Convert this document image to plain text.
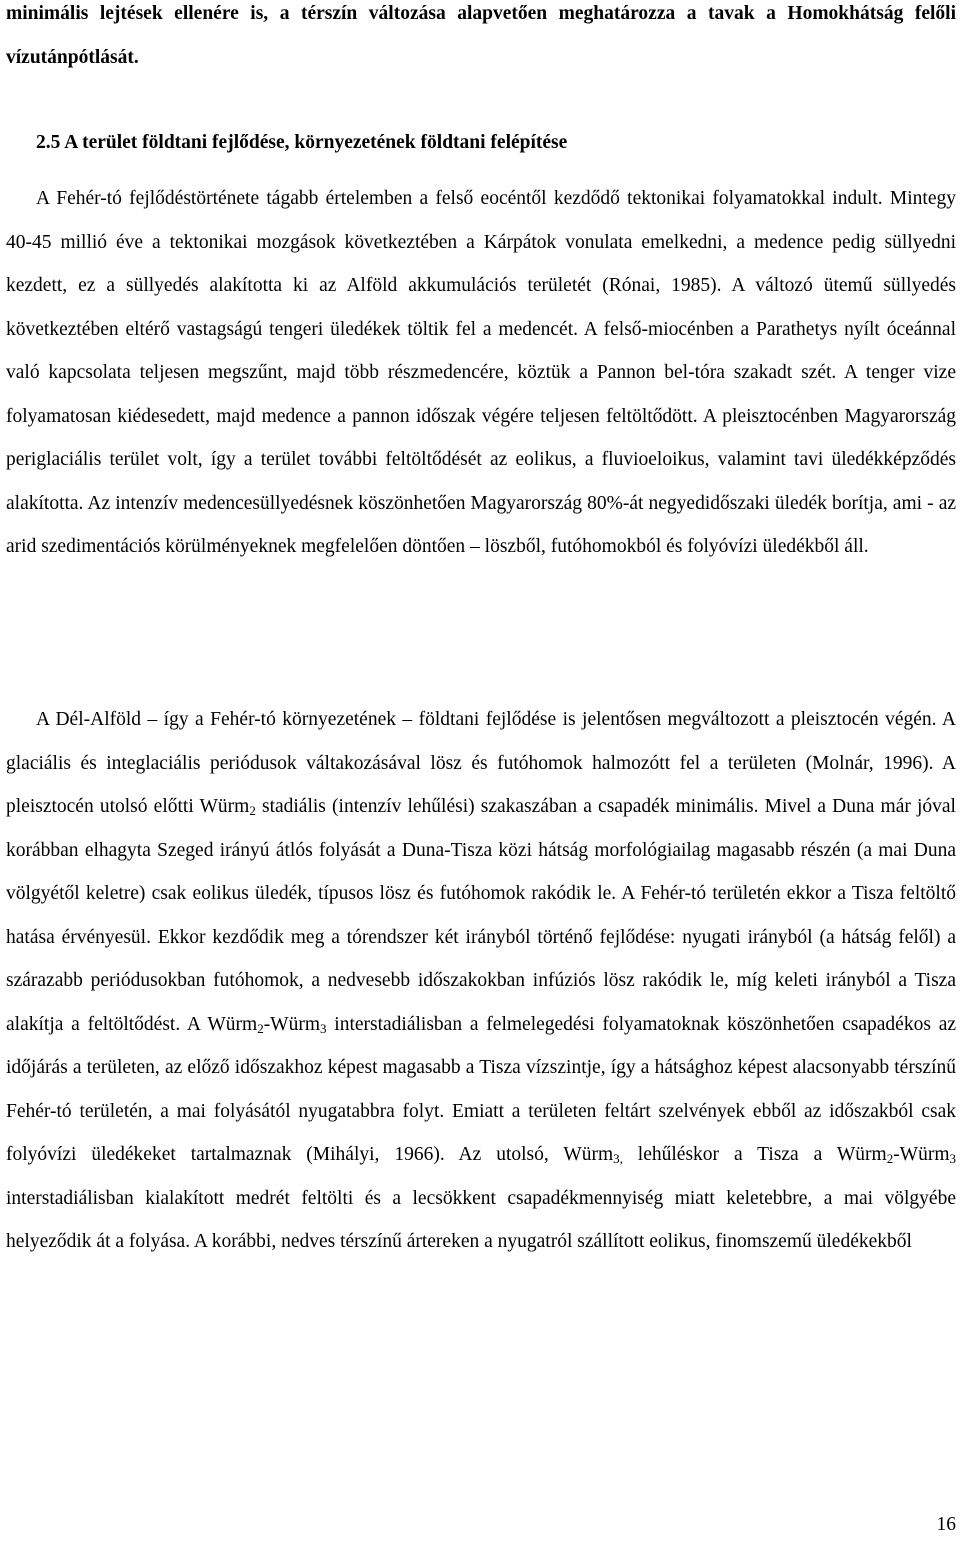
minimális lejtések ellenére is, a térszín változása alapvetően meghatározza a tavak a Homokhátság felőli vízutánpótlását.

2.5 A terület földtani fejlődése, környezetének földtani felépítése

A Fehér-tó fejlődéstörténete tágabb értelemben a felső eocéntől kezdődő tektonikai folyamatokkal indult. Mintegy 40-45 millió éve a tektonikai mozgások következtében a Kárpátok vonulata emelkedni, a medence pedig süllyedni kezdett, ez a süllyedés alakította ki az Alföld akkumulációs területét (Rónai, 1985). A változó ütemű süllyedés következtében eltérő vastagságú tengeri üledékek töltik fel a medencét. A felső-miocénben a Parathetys nyílt óceánnal való kapcsolata teljesen megszűnt, majd több részmedencére, köztük a Pannon bel-tóra szakadt szét. A tenger vize folyamatosan kiédesedett, majd medence a pannon időszak végére teljesen feltöltődött. A pleisztocénben Magyarország periglaciális terület volt, így a terület további feltöltődését az eolikus, a fluvioeloikus, valamint tavi üledékképződés alakította. Az intenzív medencesüllyedésnek köszönhetően Magyarország 80%-át negyedidőszaki üledék borítja, ami - az arid szedimentációs körülményeknek megfelelően döntően – löszből, futóhomokból és folyóvízi üledékből áll.

A Dél-Alföld – így a Fehér-tó környezetének – földtani fejlődése is jelentősen megváltozott a pleisztocén végén. A glaciális és integlaciális periódusok váltakozásával lösz és futóhomok halmozótt fel a területen (Molnár, 1996). A pleisztocén utolsó előtti Würm$_2$ stadiális (intenzív lehűlési) szakaszában a csapadék minimális. Mivel a Duna már jóval korábban elhagyta Szeged irányú átlós folyását a Duna-Tisza közi hátság morfológiailag magasabb részén (a mai Duna völgyétől keletre) csak eolikus üledék, típusos lösz és futóhomok rakódik le. A Fehér-tó területén ekkor a Tisza feltöltő hatása érvényesül. Ekkor kezdődik meg a tórendszer két irányból történő fejlődése: nyugati irányból (a hátság felől) a szárazabb periódusokban futóhomok, a nedvesebb időszakokban infúziós lösz rakódik le, míg keleti irányból a Tisza alakítja a feltöltődést. A Würm$_2$-Würm$_3$ interstadiálisban a felmelegedési folyamatoknak köszönhetően csapadékos az időjárás a területen, az előző időszakhoz képest magasabb a Tisza vízszintje, így a hátsághoz képest alacsonyabb térszínű Fehér-tó területén, a mai folyásától nyugatabbra folyt. Emiatt a területen feltárt szelvények ebből az időszakból csak folyóvízi üledékeket tartalmaznak (Mihályi, 1966). Az utolsó, Würm$_{3,}$ lehűléskor a Tisza a Würm$_2$-Würm$_3$ interstadiálisban kialakított medrét feltölti és a lecsökkent csapadékmennyiség miatt keletebbre, a mai völgyébe helyeződik át a folyása. A korábbi, nedves térszínű ártereken a nyugatról szállított eolikus, finomszemű üledékekből

16
